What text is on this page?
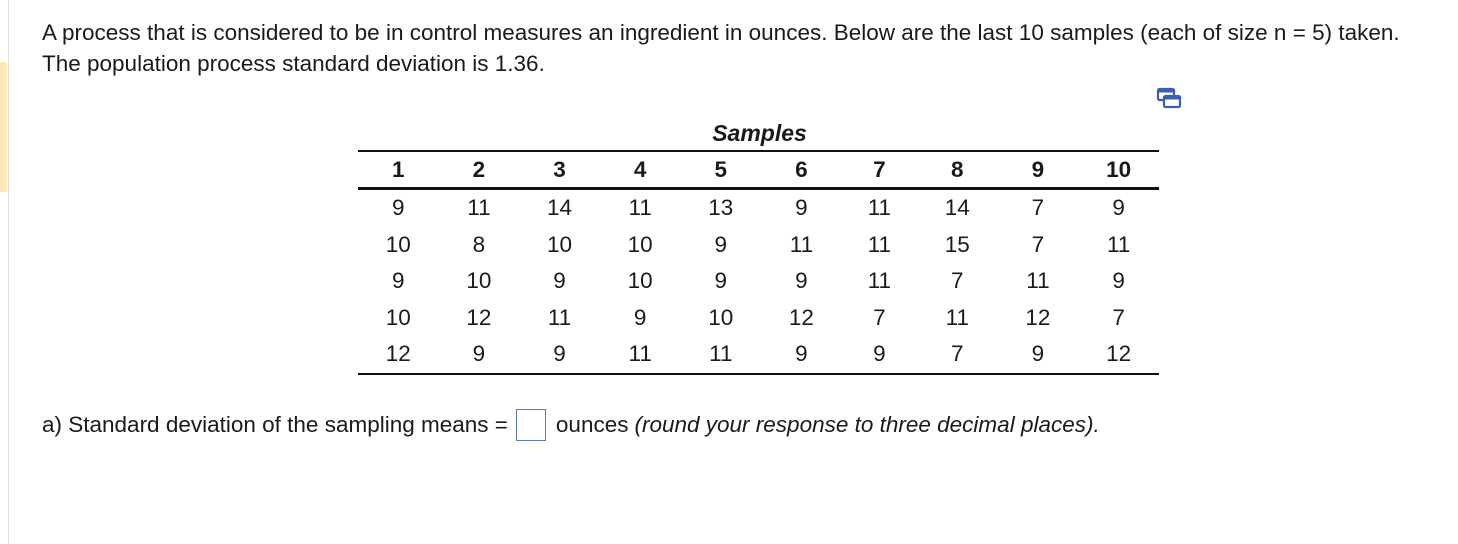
A process that is considered to be in control measures an ingredient in ounces. Below are the last 10 samples (each of size n = 5) taken. The population process standard deviation is 1.36.

Samples
1	2	3	4	5	6	7	8	9	10
9	11	14	11	13	9	11	14	7	9
10	8	10	10	9	11	11	15	7	11
9	10	9	10	9	9	11	7	11	9
10	12	11	9	10	12	7	11	12	7
12	9	9	11	11	9	9	7	9	12
a) Standard deviation of the sampling means = ounces (round your response to three decimal places).
